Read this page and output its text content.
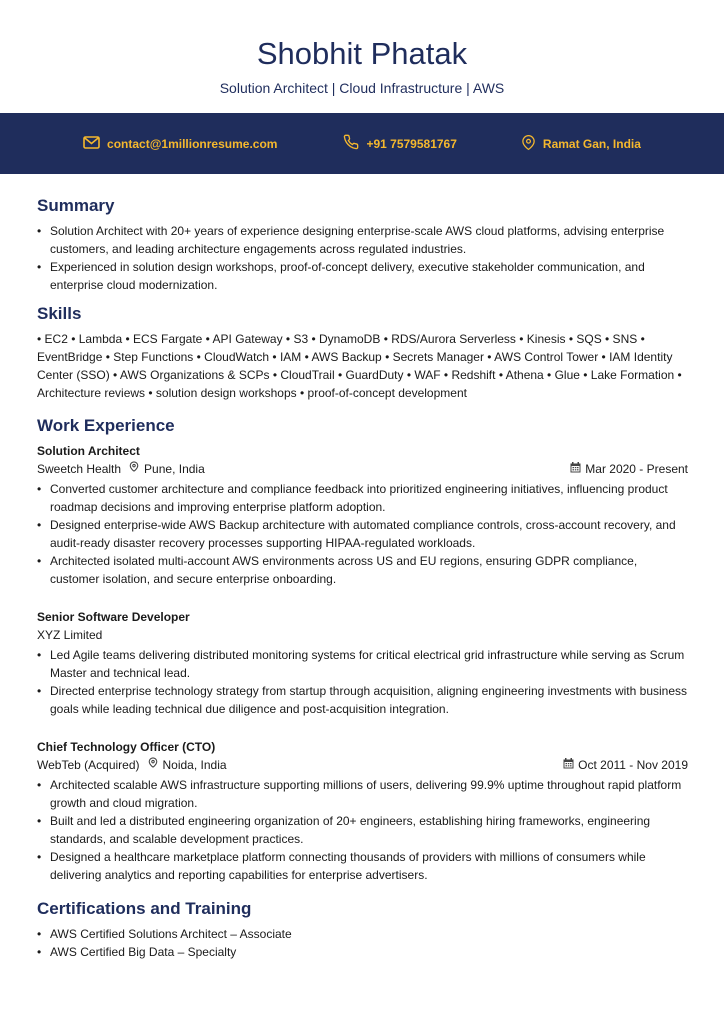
Shobhit Phatak
Solution Architect | Cloud Infrastructure | AWS
contact@1millionresume.com	+91 7579581767	Ramat Gan, India
Summary
• Solution Architect with 20+ years of experience designing enterprise-scale AWS cloud platforms, advising enterprise customers, and leading architecture engagements across regulated industries.
• Experienced in solution design workshops, proof-of-concept delivery, executive stakeholder communication, and enterprise cloud modernization.
Skills

• EC2 • Lambda • ECS Fargate • API Gateway • S3 • DynamoDB • RDS/Aurora Serverless • Kinesis • SQS • SNS • EventBridge • Step Functions • CloudWatch • IAM • AWS Backup • Secrets Manager • AWS Control Tower • IAM Identity Center (SSO) • AWS Organizations & SCPs • CloudTrail • GuardDuty • WAF • Redshift • Athena • Glue • Lake Formation • Architecture reviews • solution design workshops • proof-of-concept development

Work Experience
Solution Architect
Sweetch Health Pune, India	Mar 2020 - Present
• Converted customer architecture and compliance feedback into prioritized engineering initiatives, influencing product roadmap decisions and improving enterprise platform adoption.
• Designed enterprise-wide AWS Backup architecture with automated compliance controls, cross-account recovery, and audit-ready disaster recovery processes supporting HIPAA-regulated workloads.
• Architected isolated multi-account AWS environments across US and EU regions, ensuring GDPR compliance, customer isolation, and secure enterprise onboarding.
Senior Software Developer
XYZ Limited
• Led Agile teams delivering distributed monitoring systems for critical electrical grid infrastructure while serving as Scrum Master and technical lead.
• Directed enterprise technology strategy from startup through acquisition, aligning engineering investments with business goals while leading technical due diligence and post-acquisition integration.
Chief Technology Officer (CTO)
WebTeb (Acquired) Noida, India	Oct 2011 - Nov 2019
• Architected scalable AWS infrastructure supporting millions of users, delivering 99.9% uptime throughout rapid platform growth and cloud migration.
• Built and led a distributed engineering organization of 20+ engineers, establishing hiring frameworks, engineering standards, and scalable development practices.
• Designed a healthcare marketplace platform connecting thousands of providers with millions of consumers while delivering analytics and reporting capabilities for enterprise advertisers.
Certifications and Training
• AWS Certified Solutions Architect – Associate
• AWS Certified Big Data – Specialty
